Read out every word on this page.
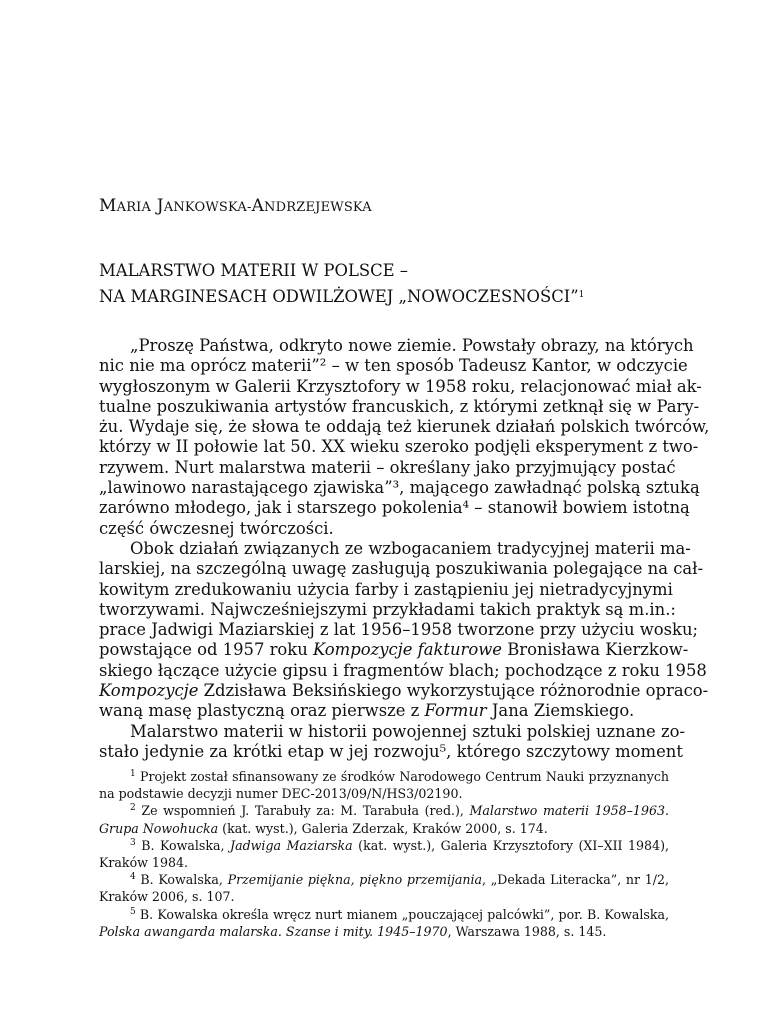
MARIA JANKOWSKA-ANDRZEJEWSKA
MALARSTWO MATERII W POLSCE –
NA MARGINESACH ODWILŻOWEJ „NOWOCZESNOŚCI”$^1$

„Proszę Państwa, odkryto nowe ziemie. Powstały obrazy, na których
nic nie ma oprócz materii”² – w ten sposób Tadeusz Kantor, w odczycie
wygłoszonym w Galerii Krzysztofory w 1958 roku, relacjonować miał ak-
tualne poszukiwania artystów francuskich, z którymi zetknął się w Pary-
żu. Wydaje się, że słowa te oddają też kierunek działań polskich twórców,
którzy w II połowie lat 50. XX wieku szeroko podjęli eksperyment z two-
rzywem. Nurt malarstwa materii – określany jako przyjmujący postać
„lawinowo narastającego zjawiska”³, mającego zawładnąć polską sztuką
zarówno młodego, jak i starszego pokolenia⁴ – stanowił bowiem istotną
część ówczesnej twórczości.

Obok działań związanych ze wzbogacaniem tradycyjnej materii ma-
larskiej, na szczególną uwagę zasługują poszukiwania polegające na cał-
kowitym zredukowaniu użycia farby i zastąpieniu jej nietradycyjnymi
tworzywami. Najwcześniejszymi przykładami takich praktyk są m.in.:
prace Jadwigi Maziarskiej z lat 1956–1958 tworzone przy użyciu wosku;
powstające od 1957 roku Kompozycje fakturowe Bronisława Kierzkow-
skiego łączące użycie gipsu i fragmentów blach; pochodzące z roku 1958
Kompozycje Zdzisława Beksińskiego wykorzystujące różnorodnie opraco-
waną masę plastyczną oraz pierwsze z Formur Jana Ziemskiego.

Malarstwo materii w historii powojennej sztuki polskiej uznane zo-
stało jedynie za krótki etap w jej rozwoju⁵, którego szczytowy moment

$^1$ Projekt został sfinansowany ze środków Narodowego Centrum Nauki przyznanych
na podstawie decyzji numer DEC-2013/09/N/HS3/02190.

$^2$ Ze wspomnień J. Tarabuły za: M. Tarabuła (red.), Malarstwo materii 1958–1963.
Grupa Nowohucka (kat. wyst.), Galeria Zderzak, Kraków 2000, s. 174.

$^3$ B. Kowalska, Jadwiga Maziarska (kat. wyst.), Galeria Krzysztofory (XI–XII 1984),
Kraków 1984.

$^4$ B. Kowalska, Przemijanie piękna, piękno przemijania, „Dekada Literacka”, nr 1/2,
Kraków 2006, s. 107.

$^5$ B. Kowalska określa wręcz nurt mianem „pouczającej palcówki”, por. B. Kowalska,
Polska awangarda malarska. Szanse i mity. 1945–1970, Warszawa 1988, s. 145.
